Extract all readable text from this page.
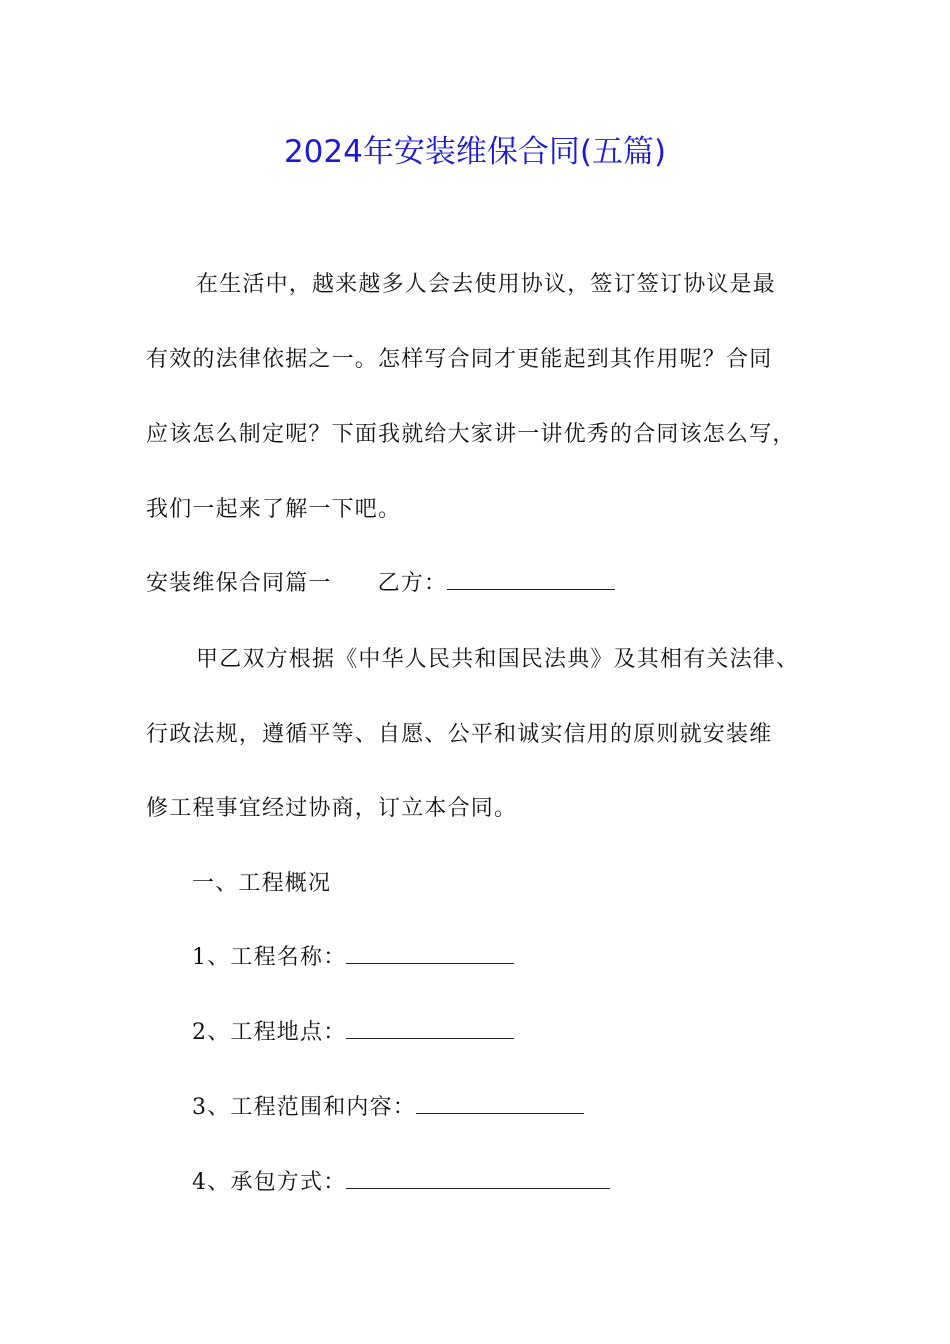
2024年安装维保合同(五篇)
在生活中，越来越多人会去使用协议，签订签订协议是最
有效的法律依据之一。怎样写合同才更能起到其作用呢？合同
应该怎么制定呢？下面我就给大家讲一讲优秀的合同该怎么写，
我们一起来了解一下吧。
安装维保合同篇一 乙方：
甲乙双方根据《中华人民共和国民法典》及其相有关法律、
行政法规，遵循平等、自愿、公平和诚实信用的原则就安装维
修工程事宜经过协商，订立本合同。
一、工程概况
1、工程名称：
2、工程地点：
3、工程范围和内容：
4、承包方式：
